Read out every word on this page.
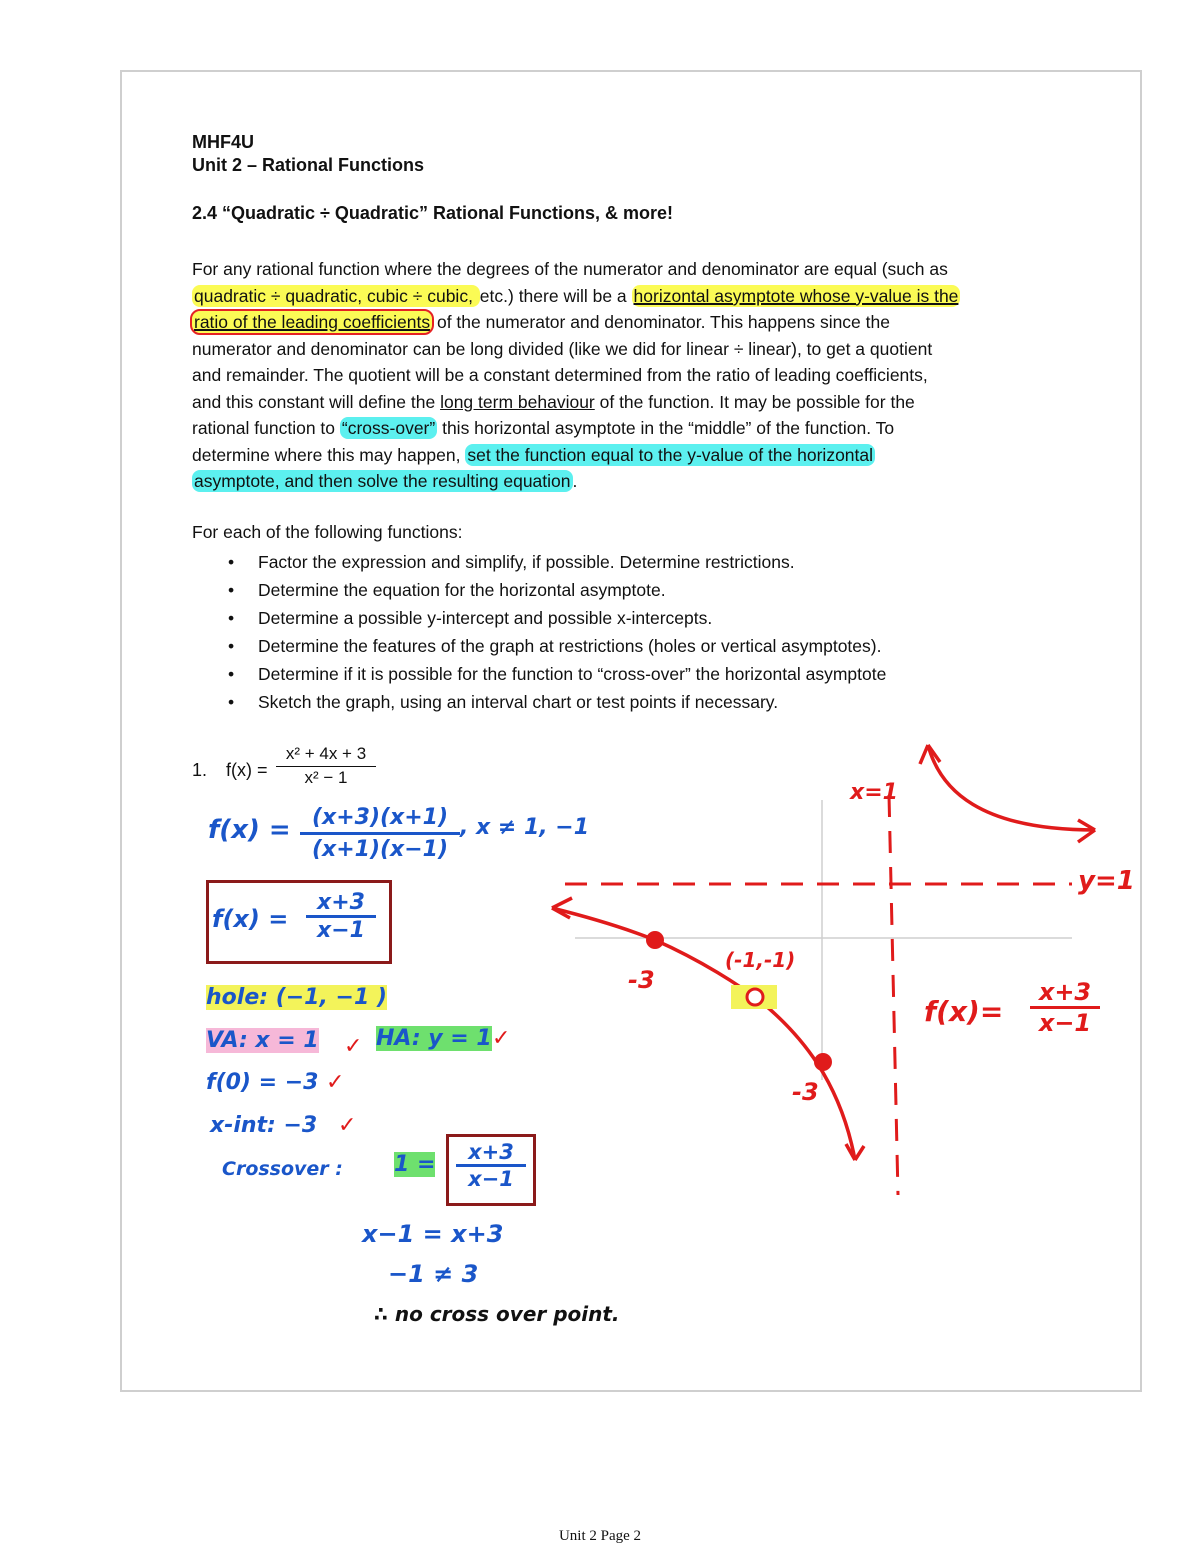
MHF4U
Unit 2 – Rational Functions
2.4 “Quadratic ÷ Quadratic” Rational Functions, & more!
For any rational function where the degrees of the numerator and denominator are equal (such as
quadratic ÷ quadratic, cubic ÷ cubic, etc.) there will be a horizontal asymptote whose y-value is the
ratio of the leading coefficients of the numerator and denominator. This happens since the
numerator and denominator can be long divided (like we did for linear ÷ linear), to get a quotient
and remainder. The quotient will be a constant determined from the ratio of leading coefficients,
and this constant will define the long term behaviour of the function. It may be possible for the
rational function to “cross-over” this horizontal asymptote in the “middle” of the function. To
determine where this may happen, set the function equal to the y-value of the horizontal
asymptote, and then solve the resulting equation .
For each of the following functions:
• Factor the expression and simplify, if possible. Determine restrictions.
• Determine the equation for the horizontal asymptote.
• Determine a possible y-intercept and possible x-intercepts.
• Determine the features of the graph at restrictions (holes or vertical asymptotes).
• Determine if it is possible for the function to “cross-over” the horizontal asymptote
• Sketch the graph, using an interval chart or test points if necessary.
1. $f(x) = \frac{\text{x² + 4x + 3}}{\text{x² − 1}}$
$f(x) = \frac{(x+3)(x+1)}{(x+1)(x-1)}$ , x ≠ 1, −1
$f(x) = \frac{x+3}{x-1}$
hole: (−1, −1 )
VA: x = 1 ✓ HA: y = 1 ✓
f(0) = −3 ✓
x-int: −3 ✓
Crossover : $1 = \frac{x+3}{x-1}$
x−1 = x+3
−1 ≠ 3
∴ no cross over point.
x=1
y=1
(-1,-1)
-3
-3
$f(x)= \frac{x+3}{x-1}$
Unit 2 Page 2
